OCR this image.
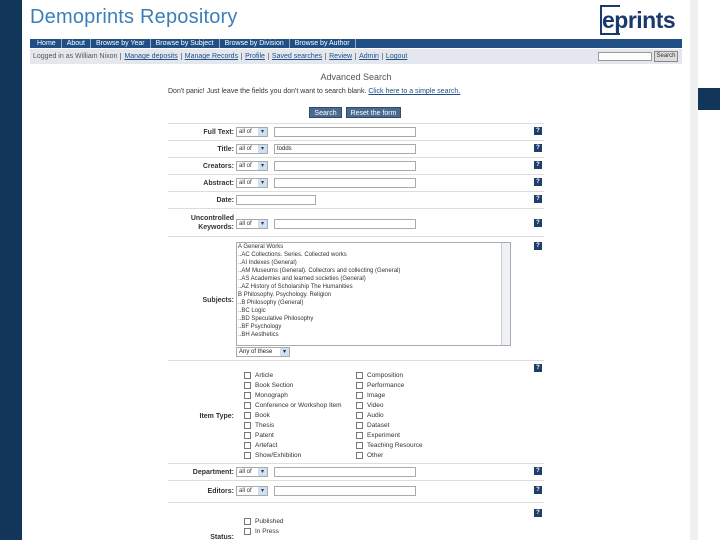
Demoprints Repository	eprints
Home	About	Browse by Year	Browse by Subject	Browse by Division	Browse by Author
Logged in as William Nixon	Manage deposits	Manage Records	Profile	Saved searches	Review	Admin	Logout	Search
Advanced Search
Don't panic! Just leave the fields you don't want to search blank. Click here to a simple search.
Search	Reset the form
Full Text: all of ▾	?
Title: all of ▾	todds	?
Creators: all of ▾	?
Abstract: all of ▾	?
Date:	?
Uncontrolled
Keywords: all of ▾	?
Subjects:
?
A General Works
..AC Collections. Series. Collected works
..AI Indexes (General)
..AM Museums (General). Collectors and collecting (General)
..AS Academies and learned societies (General)
..AZ History of Scholarship The Humanities
B Philosophy. Psychology. Religion
..B Philosophy (General)
..BC Logic
..BD Speculative Philosophy
..BF Psychology
..BH Aesthetics
Any of these ▾
Item Type:
?
Article
Book Section
Monograph
Conference or Workshop Item
Book
Thesis
Patent
Artefact
Show/Exhibition
Composition
Performance
Image
Video
Audio
Dataset
Experiment
Teaching Resource
Other
Department: all of ▾	?
Editors: all of ▾	?
Status:
?
Published
In Press
